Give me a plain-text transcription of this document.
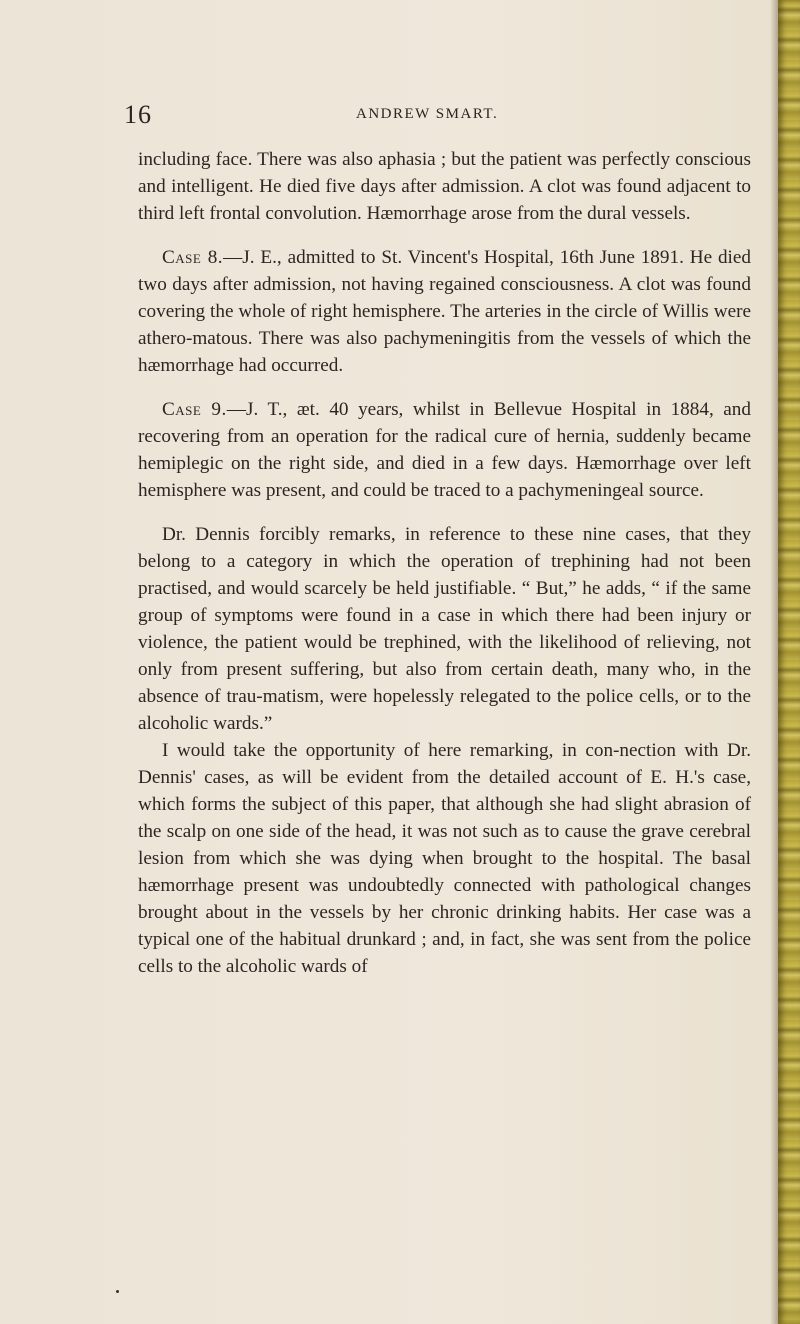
16	ANDREW SMART.

including face. There was also aphasia ; but the patient was perfectly conscious and intelligent. He died five days after admission. A clot was found adjacent to third left frontal convolution. Hæmorrhage arose from the dural vessels.

Case 8.—J. E., admitted to St. Vincent's Hospital, 16th June 1891. He died two days after admission, not having regained consciousness. A clot was found covering the whole of right hemisphere. The arteries in the circle of Willis were athero-matous. There was also pachymeningitis from the vessels of which the hæmorrhage had occurred.

Case 9.—J. T., æt. 40 years, whilst in Bellevue Hospital in 1884, and recovering from an operation for the radical cure of hernia, suddenly became hemiplegic on the right side, and died in a few days. Hæmorrhage over left hemisphere was present, and could be traced to a pachymeningeal source.

Dr. Dennis forcibly remarks, in reference to these nine cases, that they belong to a category in which the operation of trephining had not been practised, and would scarcely be held justifiable. “ But,” he adds, “ if the same group of symptoms were found in a case in which there had been injury or violence, the patient would be trephined, with the likelihood of relieving, not only from present suffering, but also from certain death, many who, in the absence of trau-matism, were hopelessly relegated to the police cells, or to the alcoholic wards.”

I would take the opportunity of here remarking, in con-nection with Dr. Dennis' cases, as will be evident from the detailed account of E. H.'s case, which forms the subject of this paper, that although she had slight abrasion of the scalp on one side of the head, it was not such as to cause the grave cerebral lesion from which she was dying when brought to the hospital. The basal hæmorrhage present was undoubtedly connected with pathological changes brought about in the vessels by her chronic drinking habits. Her case was a typical one of the habitual drunkard ; and, in fact, she was sent from the police cells to the alcoholic wards of
